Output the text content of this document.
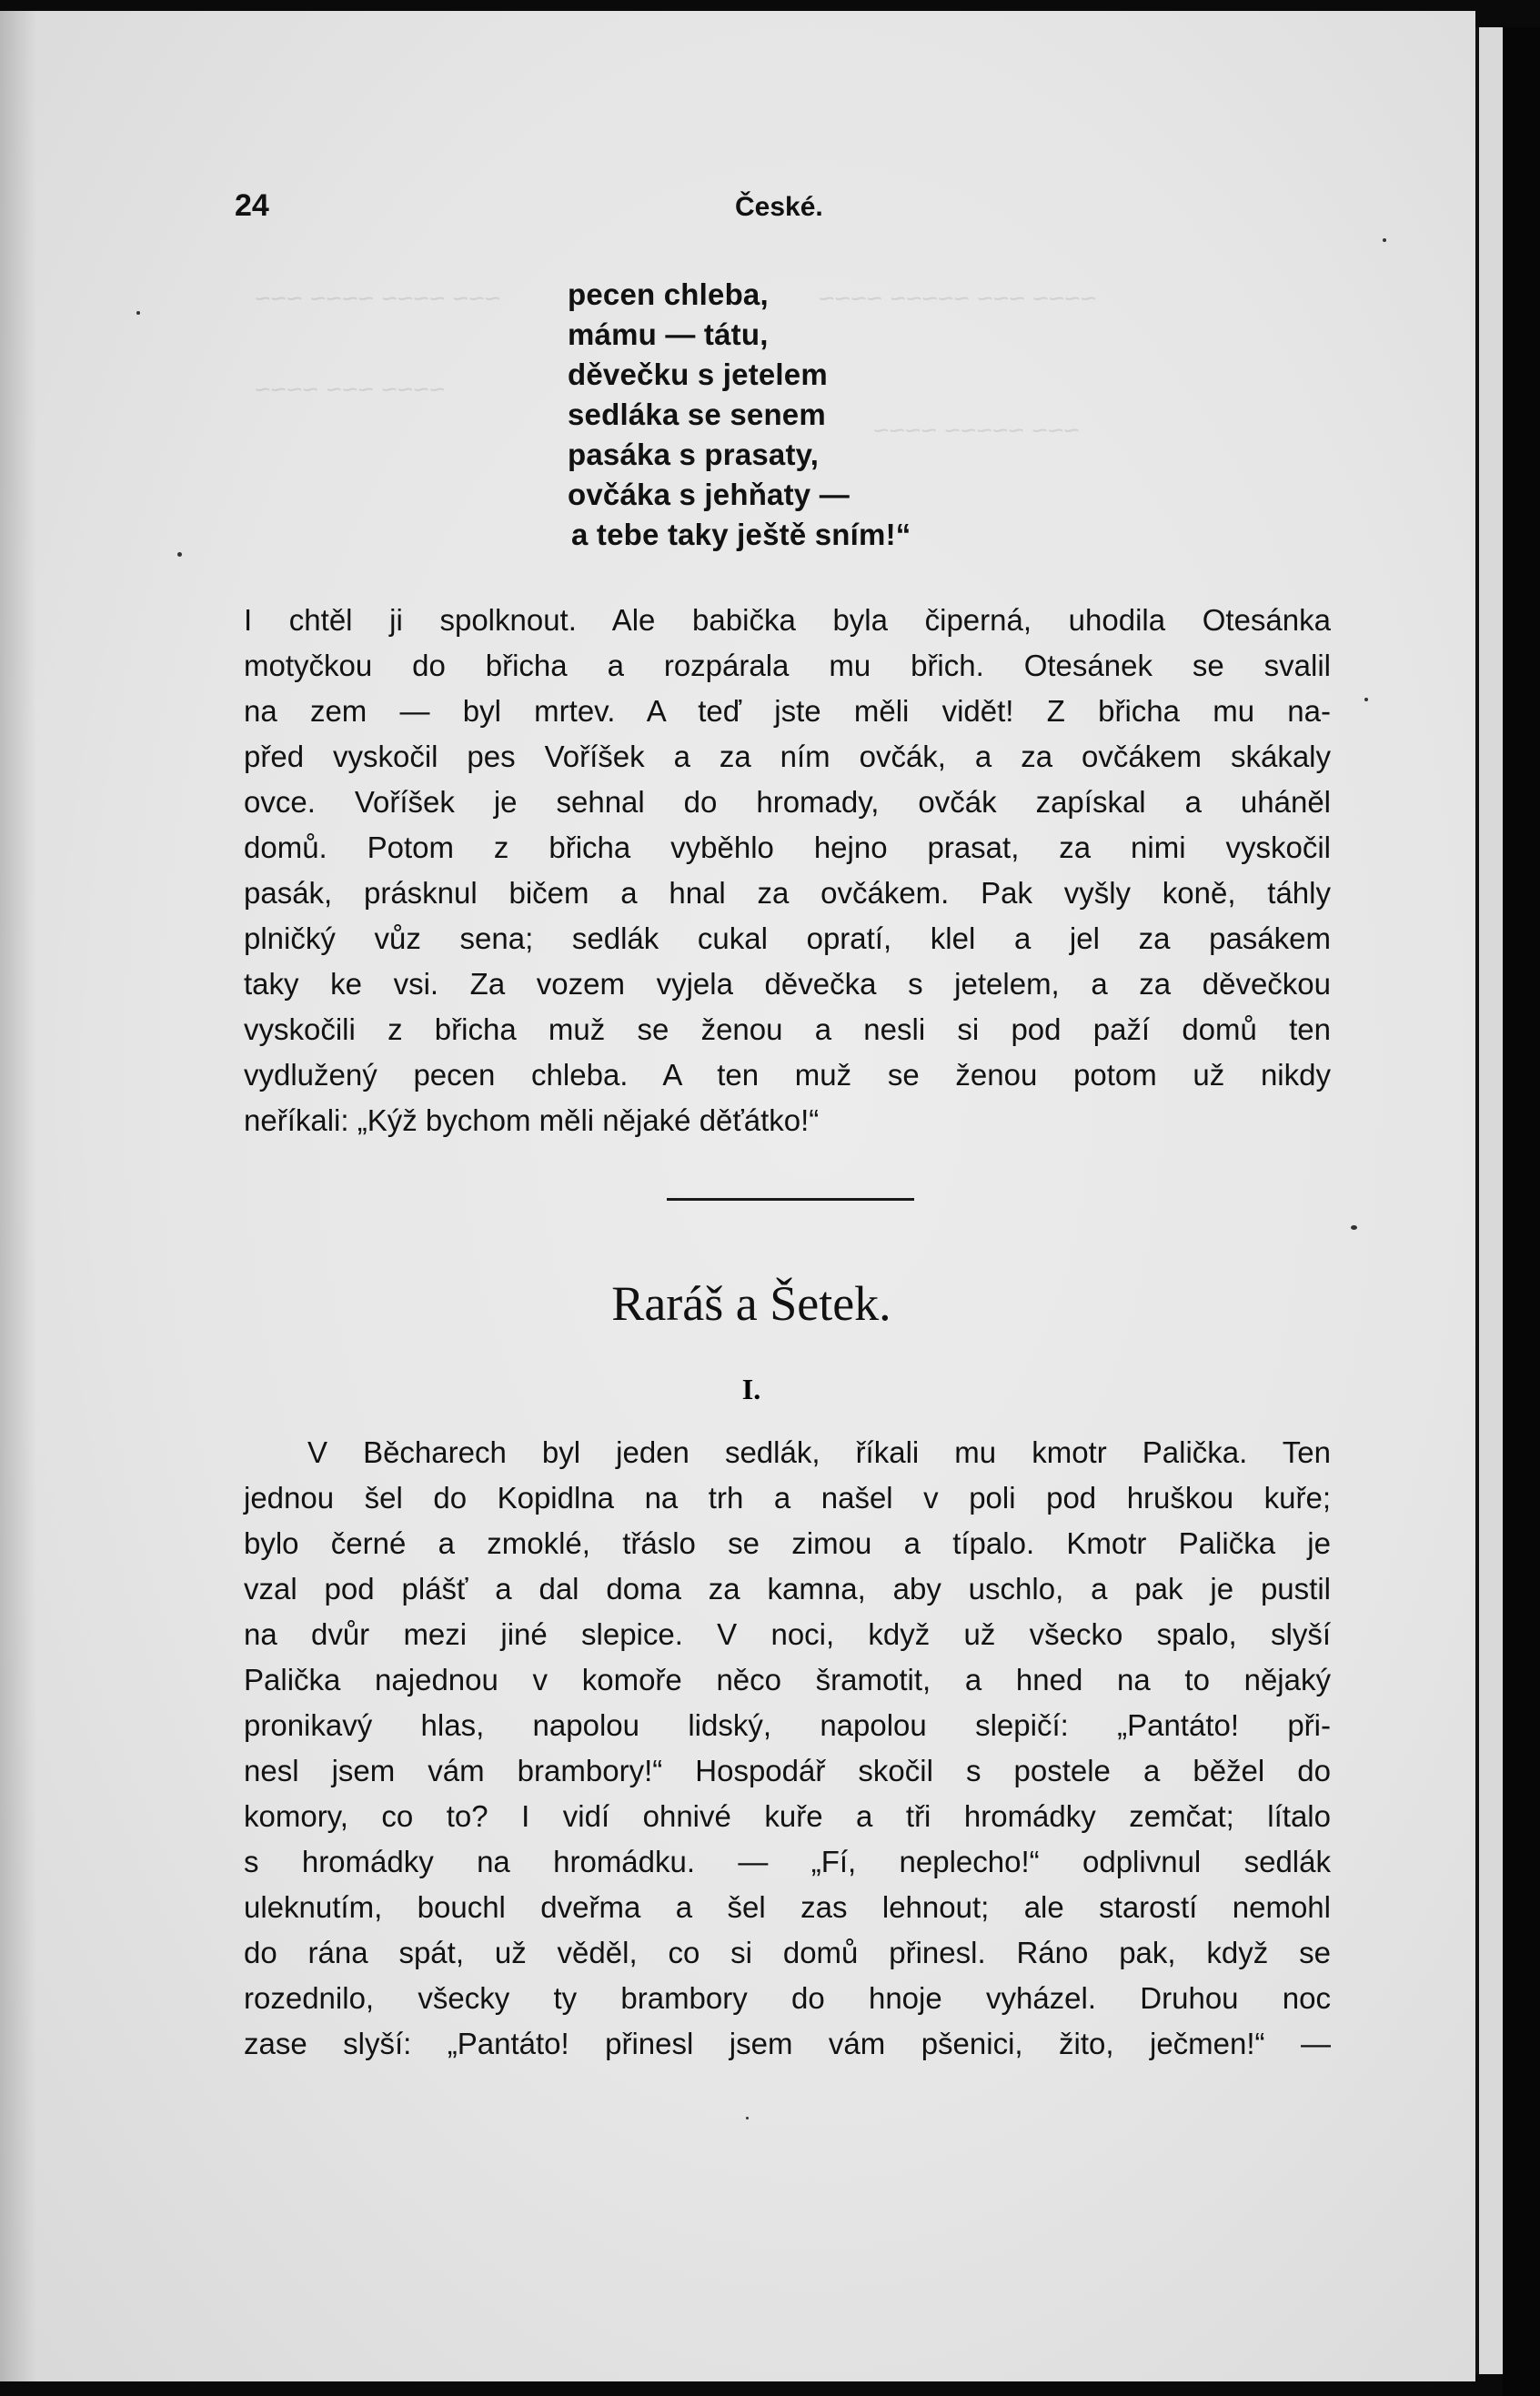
~~~ ~~~~ ~~~~ ~~~	~~~~ ~~~ ~~~~~ ~~~~
~~~~ ~~~ ~~~~
~~~ ~~~~~ ~~~~
24	České.
pecen chleba,
mámu — tátu,
děvečku s jetelem
sedláka se senem
pasáka s prasaty,
ovčáka s jehňaty —
a tebe taky ještě sním!“
I chtěl ji spolknout. Ale babička byla čiperná, uhodila Otesánka
motyčkou do břicha a rozpárala mu břich. Otesánek se svalil
na zem — byl mrtev. A teď jste měli vidět! Z břicha mu na-
před vyskočil pes Voříšek a za ním ovčák, a za ovčákem skákaly
ovce. Voříšek je sehnal do hromady, ovčák zapískal a uháněl
domů. Potom z břicha vyběhlo hejno prasat, za nimi vyskočil
pasák, prásknul bičem a hnal za ovčákem. Pak vyšly koně, táhly
plničký vůz sena; sedlák cukal opratí, klel a jel za pasákem
taky ke vsi. Za vozem vyjela děvečka s jetelem, a za děvečkou
vyskočili z břicha muž se ženou a nesli si pod paží domů ten
vydlužený pecen chleba. A ten muž se ženou potom už nikdy
neříkali: „Kýž bychom měli nějaké děťátko!“
Raráš a Šetek.
I.
V Běcharech byl jeden sedlák, říkali mu kmotr Palička. Ten
jednou šel do Kopidlna na trh a našel v poli pod hruškou kuře;
bylo černé a zmoklé, třáslo se zimou a típalo. Kmotr Palička je
vzal pod plášť a dal doma za kamna, aby uschlo, a pak je pustil
na dvůr mezi jiné slepice. V noci, když už všecko spalo, slyší
Palička najednou v komoře něco šramotit, a hned na to nějaký
pronikavý hlas, napolou lidský, napolou slepičí: „Pantáto! při-
nesl jsem vám brambory!“ Hospodář skočil s postele a běžel do
komory, co to? I vidí ohnivé kuře a tři hromádky zemčat; lítalo
s hromádky na hromádku. — „Fí, neplecho!“ odplivnul sedlák
uleknutím, bouchl dveřma a šel zas lehnout; ale starostí nemohl
do rána spát, už věděl, co si domů přinesl. Ráno pak, když se
rozednilo, všecky ty brambory do hnoje vyházel. Druhou noc
zase slyší: „Pantáto! přinesl jsem vám pšenici, žito, ječmen!“ —
